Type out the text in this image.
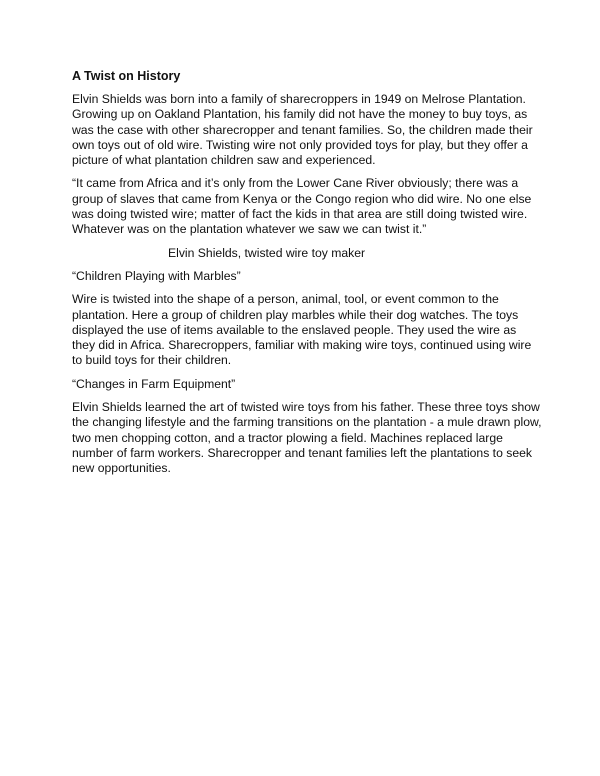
A Twist on History

Elvin Shields was born into a family of sharecroppers in 1949 on Melrose Plantation. Growing up on Oakland Plantation, his family did not have the money to buy toys, as was the case with other sharecropper and tenant families. So, the children made their own toys out of old wire. Twisting wire not only provided toys for play, but they offer a picture of what plantation children saw and experienced.

“It came from Africa and it’s only from the Lower Cane River obviously; there was a group of slaves that came from Kenya or the Congo region who did wire. No one else was doing twisted wire; matter of fact the kids in that area are still doing twisted wire. Whatever was on the plantation whatever we saw we can twist it.”

Elvin Shields, twisted wire toy maker

“Children Playing with Marbles”

Wire is twisted into the shape of a person, animal, tool, or event common to the plantation. Here a group of children play marbles while their dog watches. The toys displayed the use of items available to the enslaved people. They used the wire as they did in Africa. Sharecroppers, familiar with making wire toys, continued using wire to build toys for their children.

“Changes in Farm Equipment”

Elvin Shields learned the art of twisted wire toys from his father. These three toys show the changing lifestyle and the farming transitions on the plantation - a mule drawn plow, two men chopping cotton, and a tractor plowing a field. Machines replaced large number of farm workers. Sharecropper and tenant families left the plantations to seek new opportunities.
